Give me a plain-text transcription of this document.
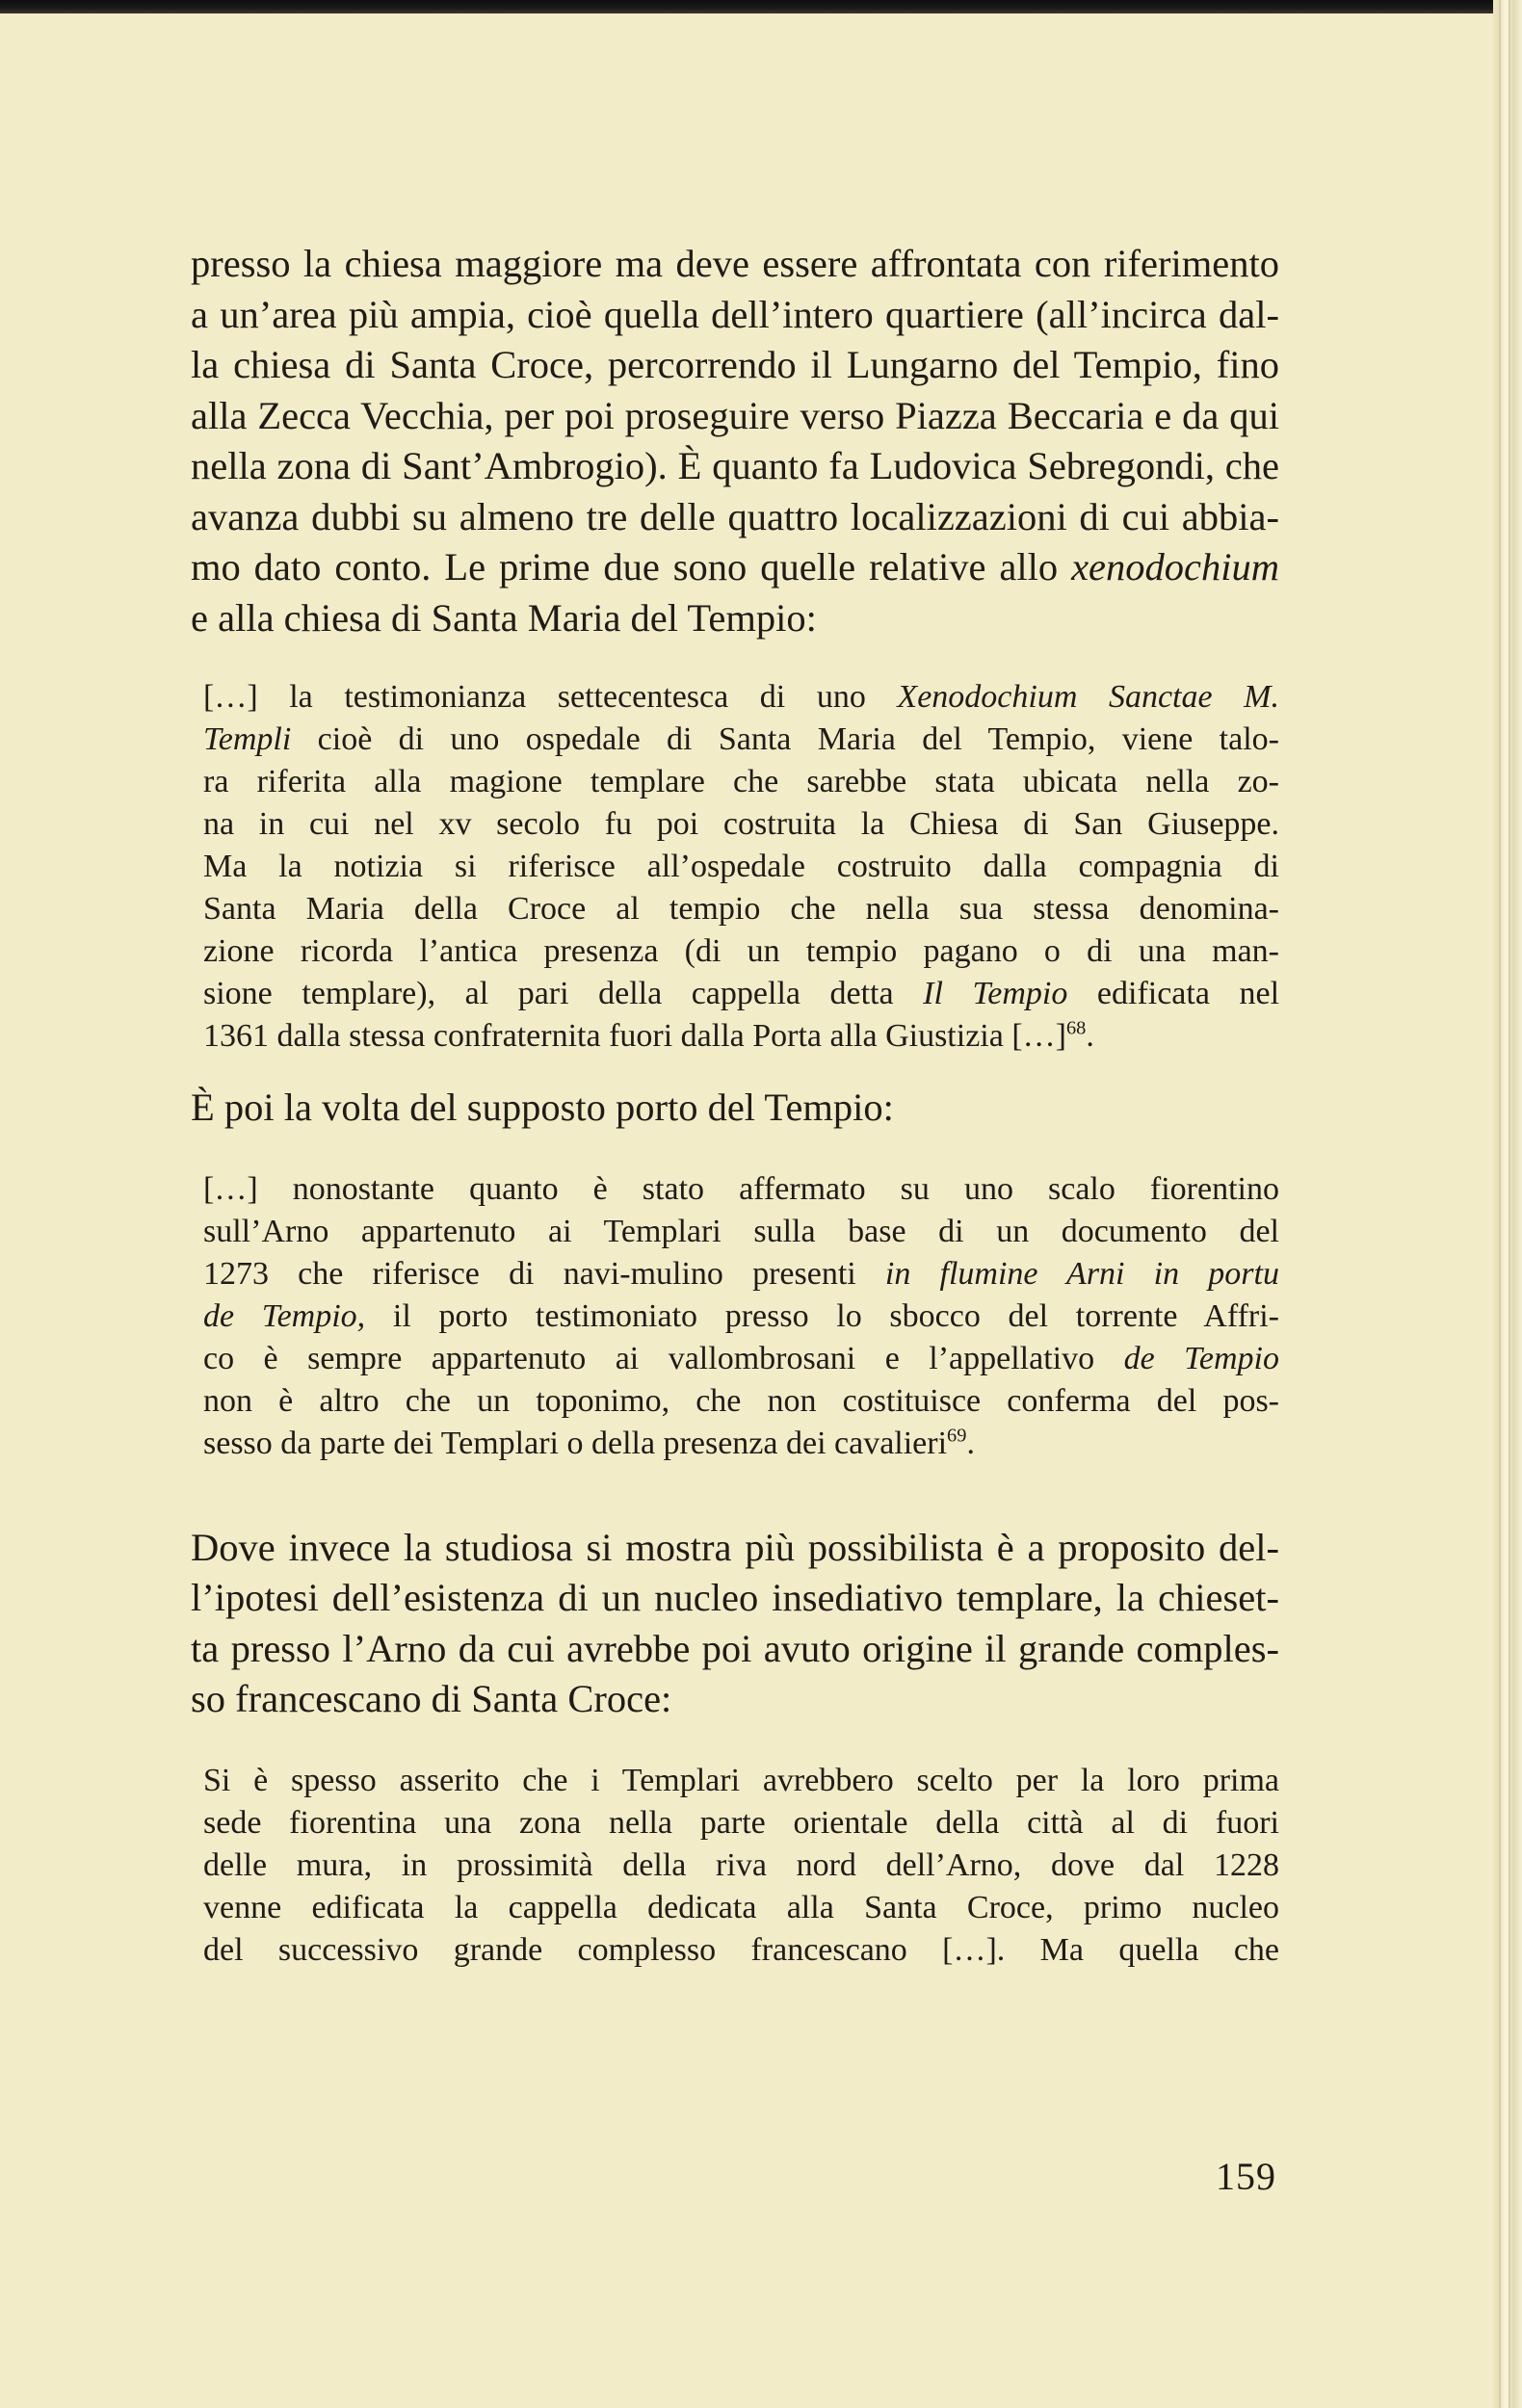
presso la chiesa maggiore ma deve essere affrontata con riferimento
a un’area più ampia, cioè quella dell’intero quartiere (all’incirca dal-
la chiesa di Santa Croce, percorrendo il Lungarno del Tempio, fino
alla Zecca Vecchia, per poi proseguire verso Piazza Beccaria e da qui
nella zona di Sant’Ambrogio). È quanto fa Ludovica Sebregondi, che
avanza dubbi su almeno tre delle quattro localizzazioni di cui abbia-
mo dato conto. Le prime due sono quelle relative allo xenodochium
e alla chiesa di Santa Maria del Tempio:
[…] la testimonianza settecentesca di uno Xenodochium Sanctae M.
Templi cioè di uno ospedale di Santa Maria del Tempio, viene talo-
ra riferita alla magione templare che sarebbe stata ubicata nella zo-
na in cui nel xv secolo fu poi costruita la Chiesa di San Giuseppe.
Ma la notizia si riferisce all’ospedale costruito dalla compagnia di
Santa Maria della Croce al tempio che nella sua stessa denomina-
zione ricorda l’antica presenza (di un tempio pagano o di una man-
sione templare), al pari della cappella detta Il Tempio edificata nel
1361 dalla stessa confraternita fuori dalla Porta alla Giustizia […]$^{68}$.
È poi la volta del supposto porto del Tempio:
[…] nonostante quanto è stato affermato su uno scalo fiorentino
sull’Arno appartenuto ai Templari sulla base di un documento del
1273 che riferisce di navi-mulino presenti in flumine Arni in portu
de Tempio, il porto testimoniato presso lo sbocco del torrente Affri-
co è sempre appartenuto ai vallombrosani e l’appellativo de Tempio
non è altro che un toponimo, che non costituisce conferma del pos-
sesso da parte dei Templari o della presenza dei cavalieri$^{69}$.
Dove invece la studiosa si mostra più possibilista è a proposito del-
l’ipotesi dell’esistenza di un nucleo insediativo templare, la chieset-
ta presso l’Arno da cui avrebbe poi avuto origine il grande comples-
so francescano di Santa Croce:
Si è spesso asserito che i Templari avrebbero scelto per la loro prima
sede fiorentina una zona nella parte orientale della città al di fuori
delle mura, in prossimità della riva nord dell’Arno, dove dal 1228
venne edificata la cappella dedicata alla Santa Croce, primo nucleo
del successivo grande complesso francescano […]. Ma quella che
159
